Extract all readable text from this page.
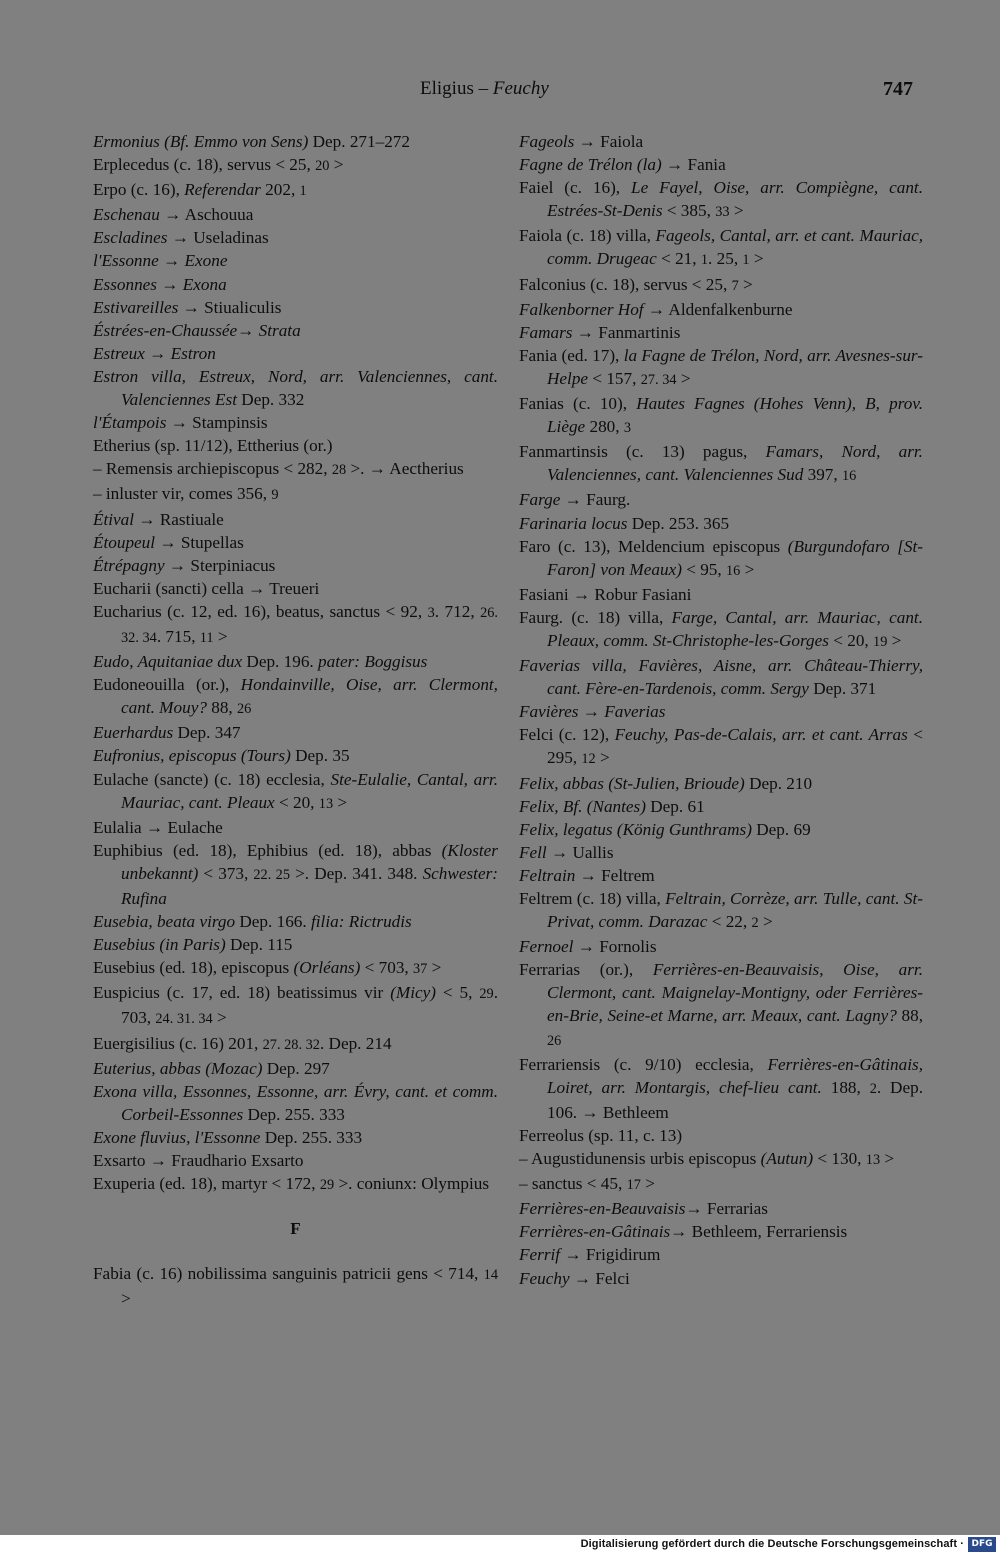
Eligius – Feuchy	747

Ermonius (Bf. Emmo von Sens) Dep. 271–272

Erplecedus (c. 18), servus < 25, 20 >

Erpo (c. 16), Referendar 202, 1

Eschenau → Aschouua

Escladines → Useladinas

l'Essonne → Exone

Essonnes → Exona

Estivareilles → Stiualiculis

Éstrées-en-Chaussée→ Strata

Estreux → Estron

Estron villa, Estreux, Nord, arr. Valenciennes, cant. Valenciennes Est Dep. 332

l'Étampois → Stampinsis

Etherius (sp. 11/12), Ettherius (or.)

– Remensis archiepiscopus < 282, 28 >. → Aectherius

– inluster vir, comes 356, 9

Étival → Rastiuale

Étoupeul → Stupellas

Étrépagny → Sterpiniacus

Eucharii (sancti) cella → Treueri

Eucharius (c. 12, ed. 16), beatus, sanctus < 92, 3. 712, 26. 32. 34. 715, 11 >

Eudo, Aquitaniae dux Dep. 196. pater: Boggisus

Eudoneouilla (or.), Hondainville, Oise, arr. Clermont, cant. Mouy? 88, 26

Euerhardus Dep. 347

Eufronius, episcopus (Tours) Dep. 35

Eulache (sancte) (c. 18) ecclesia, Ste-Eulalie, Cantal, arr. Mauriac, cant. Pleaux < 20, 13 >

Eulalia → Eulache

Euphibius (ed. 18), Ephibius (ed. 18), abbas (Kloster unbekannt) < 373, 22. 25 >. Dep. 341. 348. Schwester: Rufina

Eusebia, beata virgo Dep. 166. filia: Rictrudis

Eusebius (in Paris) Dep. 115

Eusebius (ed. 18), episcopus (Orléans) < 703, 37 >

Euspicius (c. 17, ed. 18) beatissimus vir (Micy) < 5, 29. 703, 24. 31. 34 >

Euergisilius (c. 16) 201, 27. 28. 32. Dep. 214

Euterius, abbas (Mozac) Dep. 297

Exona villa, Essonnes, Essonne, arr. Évry, cant. et comm. Corbeil-Essonnes Dep. 255. 333

Exone fluvius, l'Essonne Dep. 255. 333

Exsarto → Fraudhario Exsarto

Exuperia (ed. 18), martyr < 172, 29 >. coniunx: Olympius

F

Fabia (c. 16) nobilissima sanguinis patricii gens < 714, 14 >

Fageols → Faiola

Fagne de Trélon (la) → Fania

Faiel (c. 16), Le Fayel, Oise, arr. Compiègne, cant. Estrées-St-Denis < 385, 33 >

Faiola (c. 18) villa, Fageols, Cantal, arr. et cant. Mauriac, comm. Drugeac < 21, 1. 25, 1 >

Falconius (c. 18), servus < 25, 7 >

Falkenborner Hof → Aldenfalkenburne

Famars → Fanmartinis

Fania (ed. 17), la Fagne de Trélon, Nord, arr. Avesnes-sur-Helpe < 157, 27. 34 >

Fanias (c. 10), Hautes Fagnes (Hohes Venn), B, prov. Liège 280, 3

Fanmartinsis (c. 13) pagus, Famars, Nord, arr. Valenciennes, cant. Valenciennes Sud 397, 16

Farge → Faurg.

Farinaria locus Dep. 253. 365

Faro (c. 13), Meldencium episcopus (Burgundofaro [St-Faron] von Meaux) < 95, 16 >

Fasiani → Robur Fasiani

Faurg. (c. 18) villa, Farge, Cantal, arr. Mauriac, cant. Pleaux, comm. St-Christophe-les-Gorges < 20, 19 >

Faverias villa, Favières, Aisne, arr. Château-Thierry, cant. Fère-en-Tardenois, comm. Sergy Dep. 371

Favières → Faverias

Felci (c. 12), Feuchy, Pas-de-Calais, arr. et cant. Arras < 295, 12 >

Felix, abbas (St-Julien, Brioude) Dep. 210

Felix, Bf. (Nantes) Dep. 61

Felix, legatus (König Gunthrams) Dep. 69

Fell → Uallis

Feltrain → Feltrem

Feltrem (c. 18) villa, Feltrain, Corrèze, arr. Tulle, cant. St-Privat, comm. Darazac < 22, 2 >

Fernoel → Fornolis

Ferrarias (or.), Ferrières-en-Beauvaisis, Oise, arr. Clermont, cant. Maignelay-Montigny, oder Ferrières-en-Brie, Seine-et Marne, arr. Meaux, cant. Lagny? 88, 26

Ferrariensis (c. 9/10) ecclesia, Ferrières-en-Gâtinais, Loiret, arr. Montargis, chef-lieu cant. 188, 2. Dep. 106. → Bethleem

Ferreolus (sp. 11, c. 13)

– Augustidunensis urbis episcopus (Autun) < 130, 13 >

– sanctus < 45, 17 >

Ferrières-en-Beauvaisis→ Ferrarias

Ferrières-en-Gâtinais→ Bethleem, Ferrariensis

Ferrif → Frigidirum

Feuchy → Felci

Digitalisierung gefördert durch die Deutsche Forschungsgemeinschaft · DFG
